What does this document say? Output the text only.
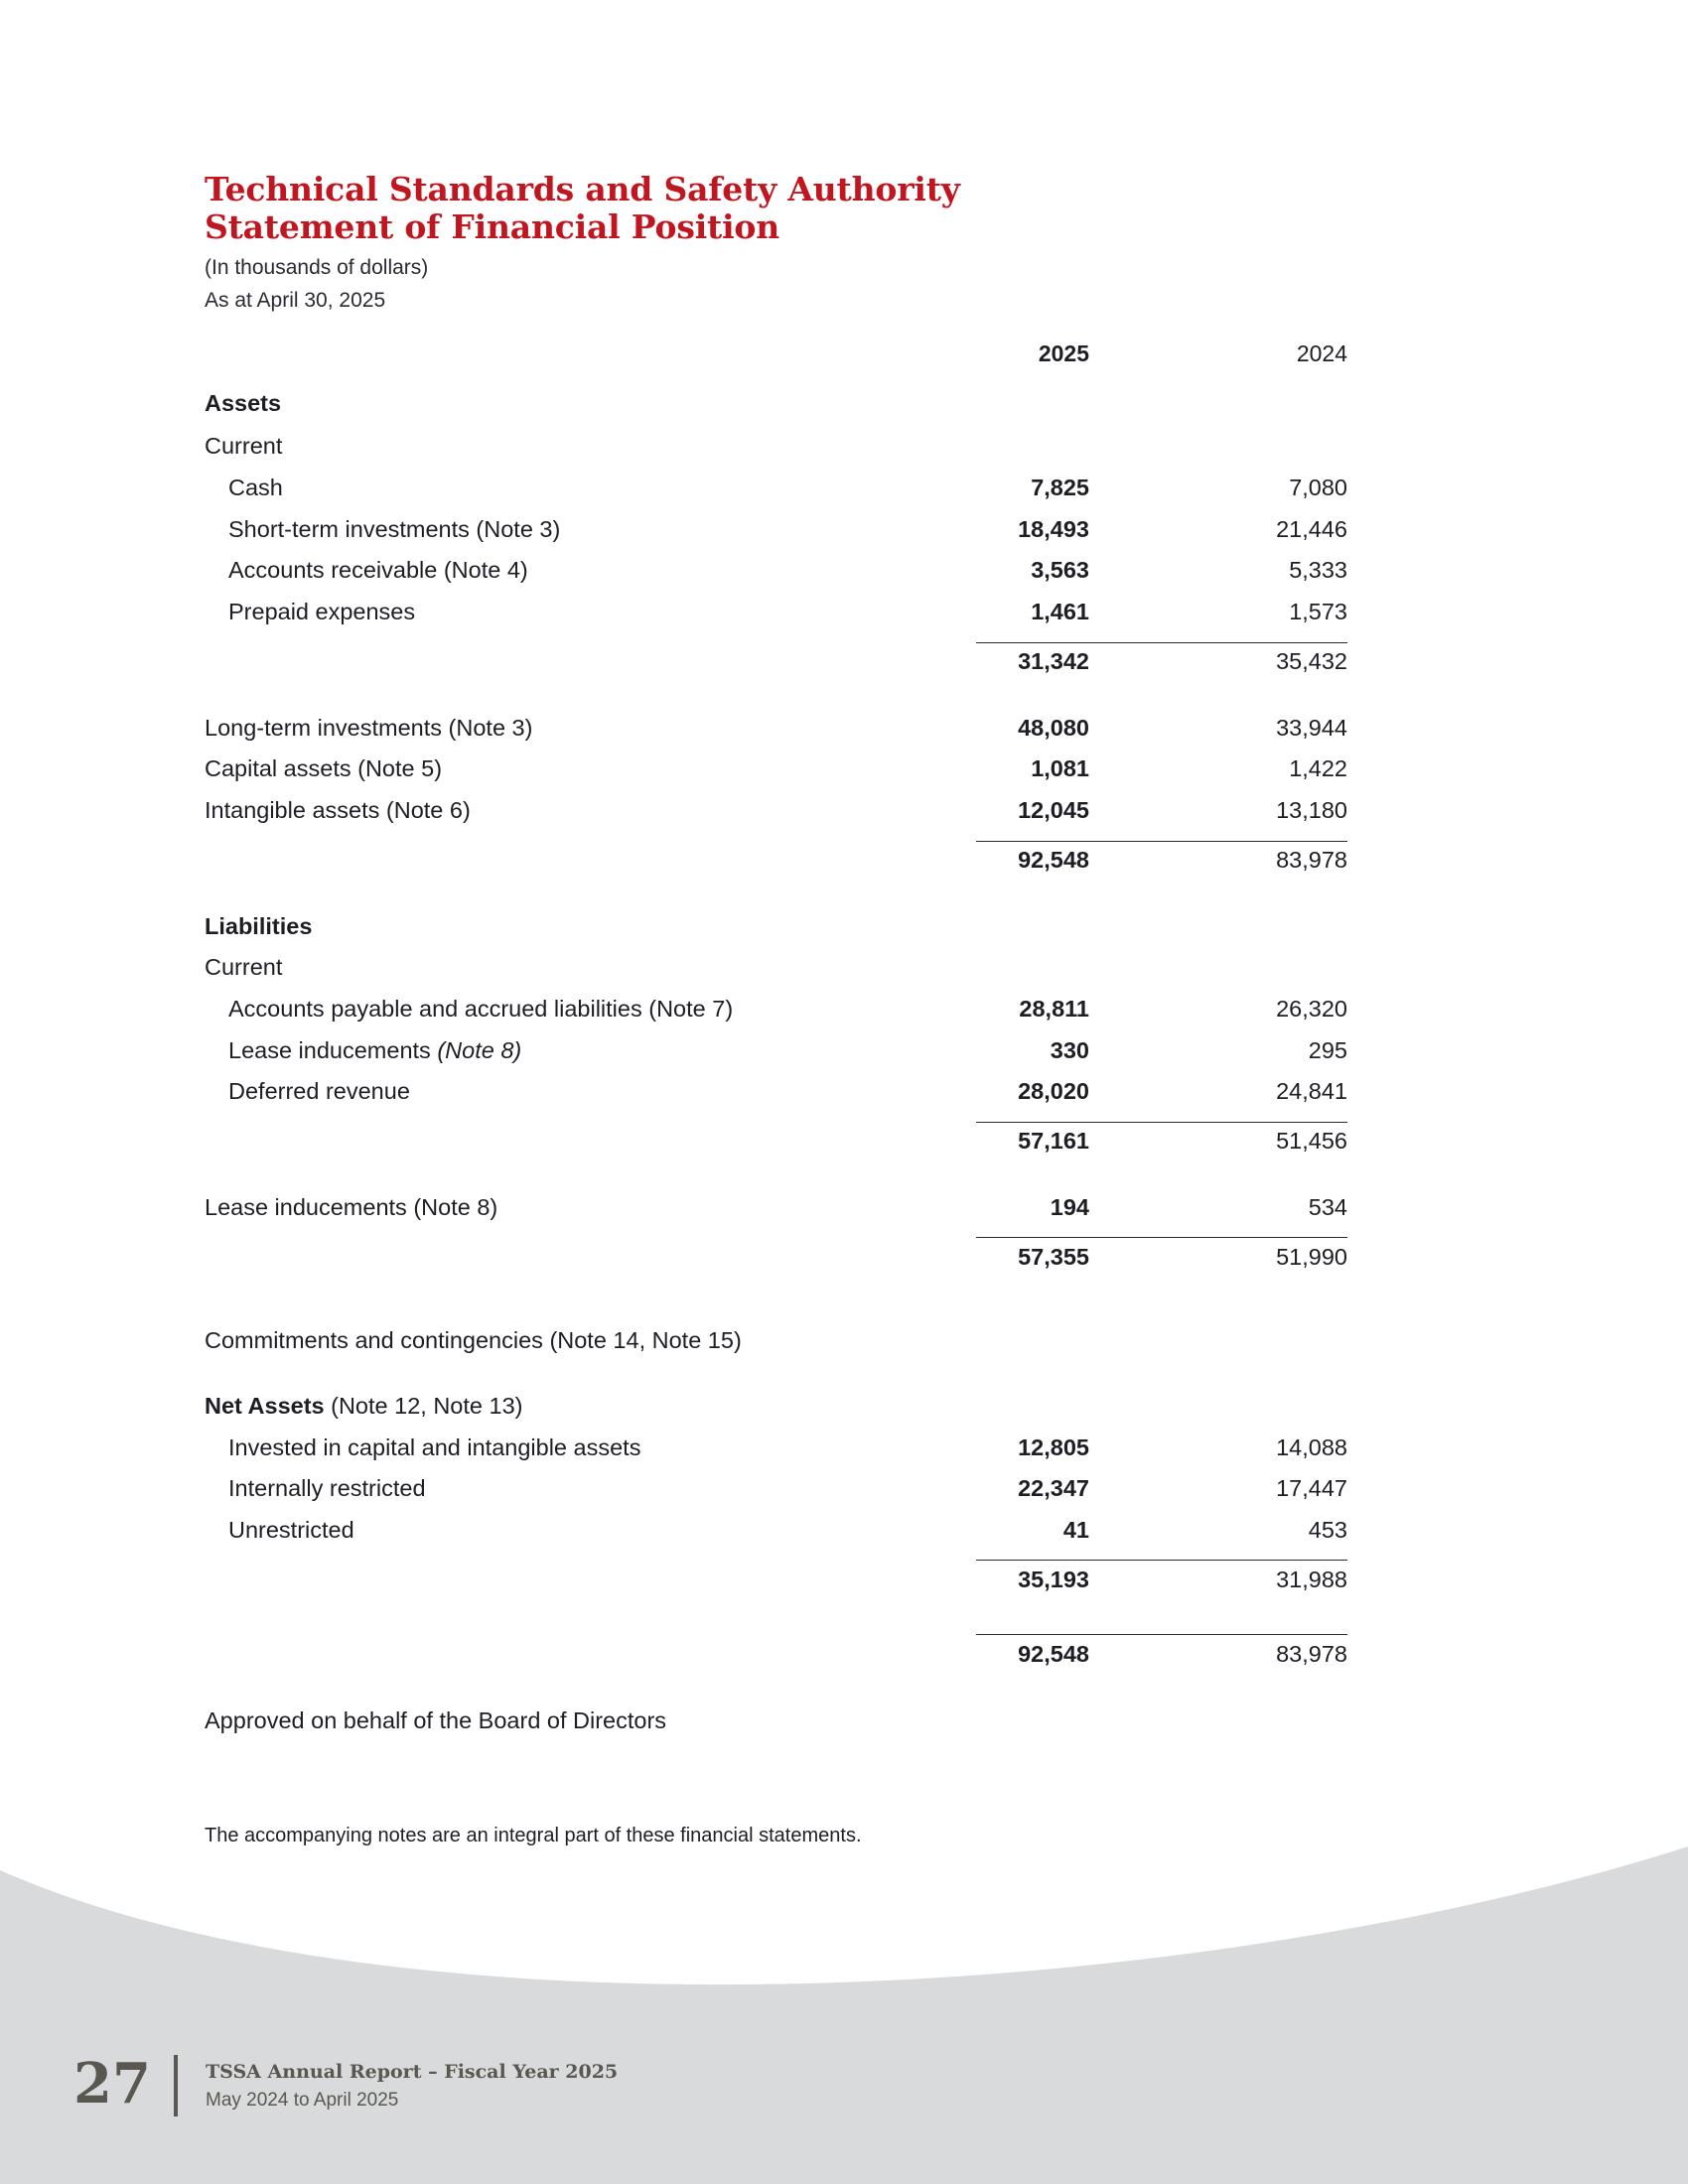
Technical Standards and Safety Authority
Statement of Financial Position
(In thousands of dollars)
As at April 30, 2025
2025	2024
Assets
Current
Cash	7,825	7,080
Short-term investments (Note 3)	18,493	21,446
Accounts receivable (Note 4)	3,563	5,333
Prepaid expenses	1,461	1,573
31,342	35,432
Long-term investments (Note 3)	48,080	33,944
Capital assets (Note 5)	1,081	1,422
Intangible assets (Note 6)	12,045	13,180
92,548	83,978
Liabilities
Current
Accounts payable and accrued liabilities (Note 7)	28,811	26,320
Lease inducements (Note 8)	330	295
Deferred revenue	28,020	24,841
57,161	51,456
Lease inducements (Note 8)	194	534
57,355	51,990
Commitments and contingencies (Note 14, Note 15)
Net Assets (Note 12, Note 13)
Invested in capital and intangible assets	12,805	14,088
Internally restricted	22,347	17,447
Unrestricted	41	453
35,193	31,988
92,548	83,978
Approved on behalf of the Board of Directors
The accompanying notes are an integral part of these financial statements.
27	TSSA Annual Report – Fiscal Year 2025
May 2024 to April 2025
